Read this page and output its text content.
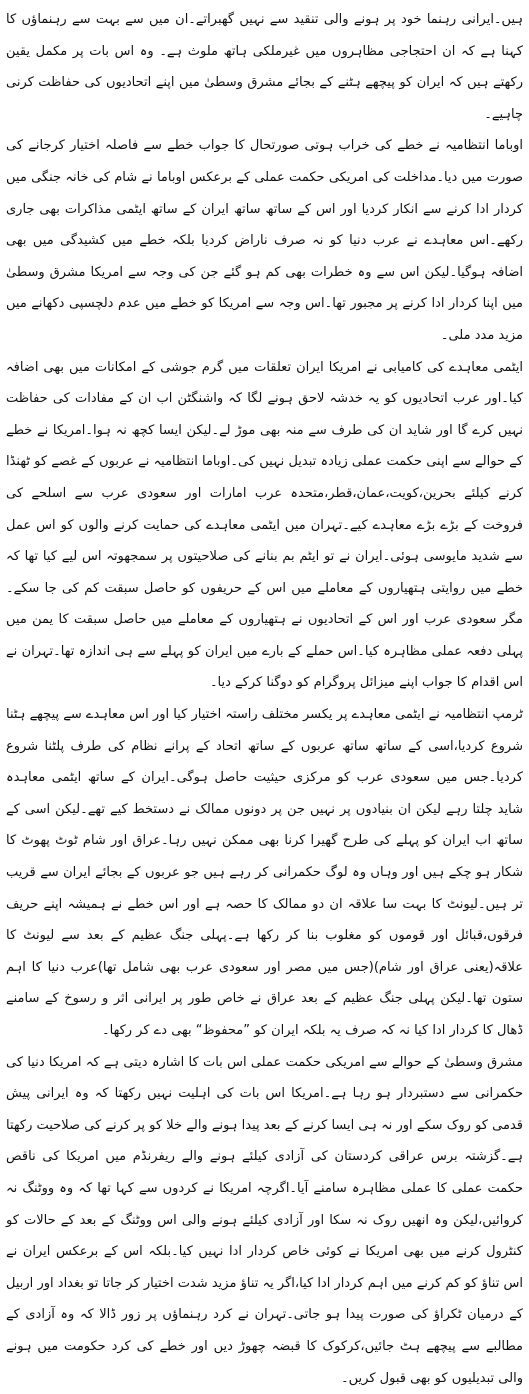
ہیں۔ایرانی رہنما خود پر ہونے والی تنقید سے نہیں گھبراتے۔ان میں سے بہت سے رہنماؤں کا کہنا ہے کہ ان احتجاجی مظاہروں میں غیرملکی ہاتھ ملوث ہے۔ وہ اس بات پر مکمل یقین رکھتے ہیں کہ ایران کو پیچھے ہٹنے کے بجائے مشرق وسطیٰ میں اپنے اتحادیوں کی حفاظت کرنی چاہیے۔

اوباما انتظامیہ نے خطے کی خراب ہوتی صورتحال کا جواب خطے سے فاصلہ اختیار کرجانے کی صورت میں دیا۔مداخلت کی امریکی حکمت عملی کے برعکس اوباما نے شام کی خانہ جنگی میں کردار ادا کرنے سے انکار کردیا اور اس کے ساتھ ساتھ ایران کے ساتھ ایٹمی مذاکرات بھی جاری رکھے۔اس معاہدے نے عرب دنیا کو نہ صرف ناراض کردیا بلکہ خطے میں کشیدگی میں بھی اضافہ ہوگیا۔لیکن اس سے وہ خطرات بھی کم ہو گئے جن کی وجہ سے امریکا مشرق وسطیٰ میں اپنا کردار ادا کرنے پر مجبور تھا۔اس وجہ سے امریکا کو خطے میں عدم دلچسپی دکھانے میں مزید مدد ملی۔

ایٹمی معاہدے کی کامیابی نے امریکا ایران تعلقات میں گرم جوشی کے امکانات میں بھی اضافہ کیا۔اور عرب اتحادیوں کو یہ خدشہ لاحق ہونے لگا کہ واشنگٹن اب ان کے مفادات کی حفاظت نہیں کرے گا اور شاید ان کی طرف سے منہ بھی موڑ لے۔لیکن ایسا کچھ نہ ہوا۔امریکا نے خطے کے حوالے سے اپنی حکمت عملی زیادہ تبدیل نہیں کی۔اوباما انتظامیہ نے عربوں کے غصے کو ٹھنڈا کرنے کیلئے بحرین،کویت،عمان،قطر،متحدہ عرب امارات اور سعودی عرب سے اسلحے کی فروخت کے بڑے بڑے معاہدے کیے۔تہران میں ایٹمی معاہدے کی حمایت کرنے والوں کو اس عمل سے شدید مایوسی ہوئی۔ایران نے تو ایٹم بم بنانے کی صلاحیتوں پر سمجھوتہ اس لیے کیا تھا کہ خطے میں روایتی ہتھیاروں کے معاملے میں اس کے حریفوں کو حاصل سبقت کم کی جا سکے۔مگر سعودی عرب اور اس کے اتحادیوں نے ہتھیاروں کے معاملے میں حاصل سبقت کا یمن میں پہلی دفعہ عملی مظاہرہ کیا۔اس حملے کے بارے میں ایران کو پہلے سے ہی اندازہ تھا۔تہران نے اس اقدام کا جواب اپنے میزائل پروگرام کو دوگنا کرکے دیا۔

ٹرمپ انتظامیہ نے ایٹمی معاہدے پر یکسر مختلف راستہ اختیار کیا اور اس معاہدے سے پیچھے ہٹنا شروع کردیا،اسی کے ساتھ ساتھ عربوں کے ساتھ اتحاد کے پرانے نظام کی طرف پلٹنا شروع کردیا۔جس میں سعودی عرب کو مرکزی حیثیت حاصل ہوگی۔ایران کے ساتھ ایٹمی معاہدہ شاید چلتا رہے لیکن ان بنیادوں پر نہیں جن پر دونوں ممالک نے دستخط کیے تھے۔لیکن اسی کے ساتھ اب ایران کو پہلے کی طرح گھیرا کرنا بھی ممکن نہیں رہا۔عراق اور شام ٹوٹ پھوٹ کا شکار ہو چکے ہیں اور وہاں وہ لوگ حکمرانی کر رہے ہیں جو عربوں کے بجائے ایران سے قریب تر ہیں۔لیونٹ کا بہت سا علاقہ ان دو ممالک کا حصہ ہے اور اس خطے نے ہمیشہ اپنے حریف فرقوں،قبائل اور قوموں کو مغلوب بنا کر رکھا ہے۔پہلی جنگ عظیم کے بعد سے لیونٹ کا علاقہ(یعنی عراق اور شام)(جس میں مصر اور سعودی عرب بھی شامل تھا)عرب دنیا کا اہم ستون تھا۔لیکن پہلی جنگ عظیم کے بعد عراق نے خاص طور پر ایرانی اثر و رسوخ کے سامنے ڈھال کا کردار ادا کیا نہ کہ صرف یہ بلکہ ایران کو ”محفوظ“ بھی دے کر رکھا۔

مشرق وسطیٰ کے حوالے سے امریکی حکمت عملی اس بات کا اشارہ دیتی ہے کہ امریکا دنیا کی حکمرانی سے دستبردار ہو رہا ہے۔امریکا اس بات کی اہلیت نہیں رکھتا کہ وہ ایرانی پیش قدمی کو روک سکے اور نہ ہی ایسا کرنے کے بعد پیدا ہونے والے خلا کو پر کرنے کی صلاحیت رکھتا ہے۔گزشتہ برس عراقی کردستان کی آزادی کیلئے ہونے والے ریفرنڈم میں امریکا کی ناقص حکمت عملی کا عملی مظاہرہ سامنے آیا۔اگرچہ امریکا نے کردوں سے کہا تھا کہ وہ ووٹنگ نہ کروائیں،لیکن وہ انھیں روک نہ سکا اور آزادی کیلئے ہونے والی اس ووٹنگ کے بعد کے حالات کو کنٹرول کرنے میں بھی امریکا نے کوئی خاص کردار ادا نہیں کیا۔بلکہ اس کے برعکس ایران نے اس تناؤ کو کم کرنے میں اہم کردار ادا کیا،اگر یہ تناؤ مزید شدت اختیار کر جاتا تو بغداد اور اربیل کے درمیان ٹکراؤ کی صورت پیدا ہو جاتی۔تہران نے کرد رہنماؤں پر زور ڈالا کہ وہ آزادی کے مطالبے سے پیچھے ہٹ جائیں،کرکوک کا قبضہ چھوڑ دیں اور خطے کی کرد حکومت میں ہونے والی تبدیلیوں کو بھی قبول کریں۔
